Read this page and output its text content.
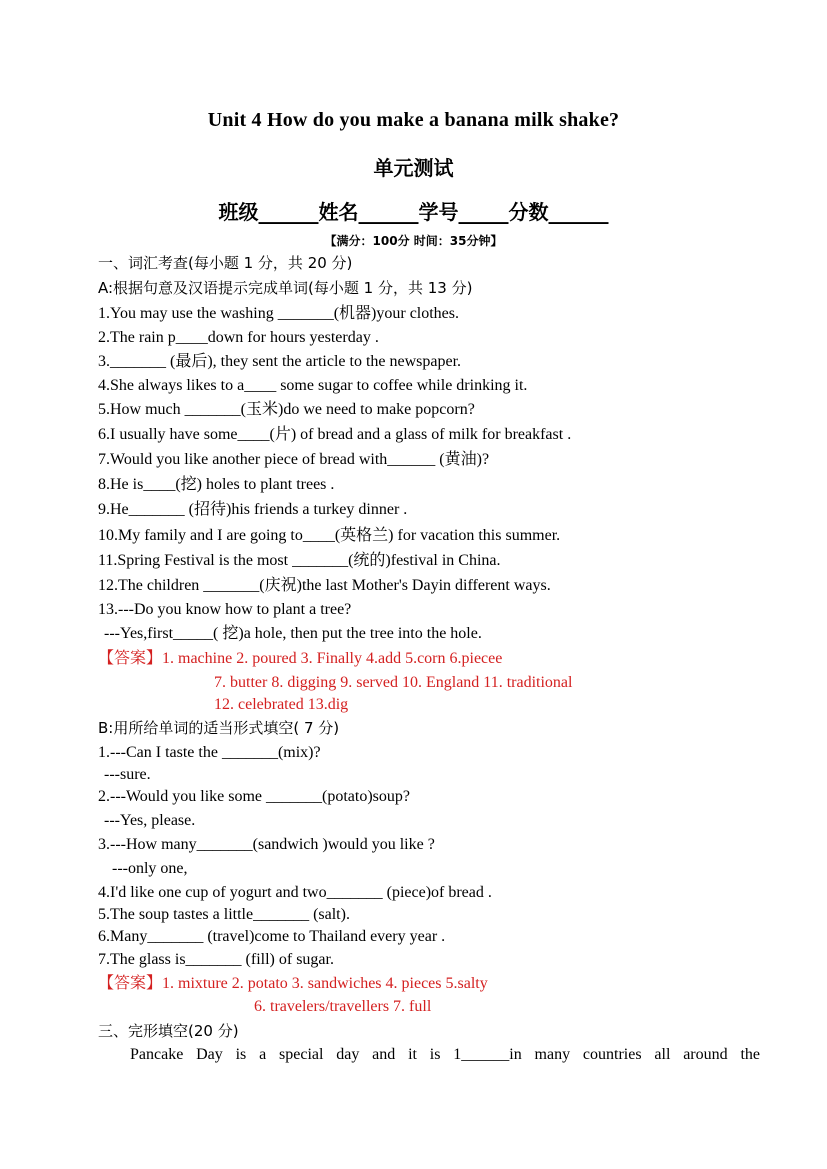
Unit 4 How do you make a banana milk shake?
单元测试
班级______姓名______学号_____分数______
【满分：100分 时间：35分钟】
一、词汇考查(每小题 1 分，共 20 分)
A:根据句意及汉语提示完成单词(每小题 1 分，共 13 分)
1.You may use the washing _______(机器)your clothes.
2.The rain p____down for hours yesterday .
3._______ (最后), they sent the article to the newspaper.
4.She always likes to a____ some sugar to coffee while drinking it.
5.How much _______(玉米)do we need to make popcorn?
6.I usually have some____(片) of bread and a glass of milk for breakfast .
7.Would you like another piece of bread with______ (黄油)?
8.He is____(挖) holes to plant trees .
9.He_______ (招待)his friends a turkey dinner .
10.My family and I are going to____(英格兰) for vacation this summer.
11.Spring Festival is the most _______(统的)festival in China.
12.The children _______(庆祝)the last Mother's Dayin different ways.
13.---Do you know how to plant a tree?
---Yes,first_____( 挖)a hole, then put the tree into the hole.
【答案】1. machine 2. poured 3. Finally 4.add 5.corn 6.piecee
7. butter 8. digging 9. served 10. England 11. traditional
12. celebrated 13.dig
B:用所给单词的适当形式填空( 7 分)
1.---Can I taste the _______(mix)?
---sure.
2.---Would you like some _______(potato)soup?
---Yes, please.
3.---How many_______(sandwich )would you like ?
---only one,
4.I'd like one cup of yogurt and two_______ (piece)of bread .
5.The soup tastes a little_______ (salt).
6.Many_______ (travel)come to Thailand every year .
7.The glass is_______ (fill) of sugar.
【答案】1. mixture 2. potato 3. sandwiches 4. pieces 5.salty
6. travelers/travellers 7. full
三、完形填空(20 分)
Pancake Day is a special day and it is 1______in many countries all around the
